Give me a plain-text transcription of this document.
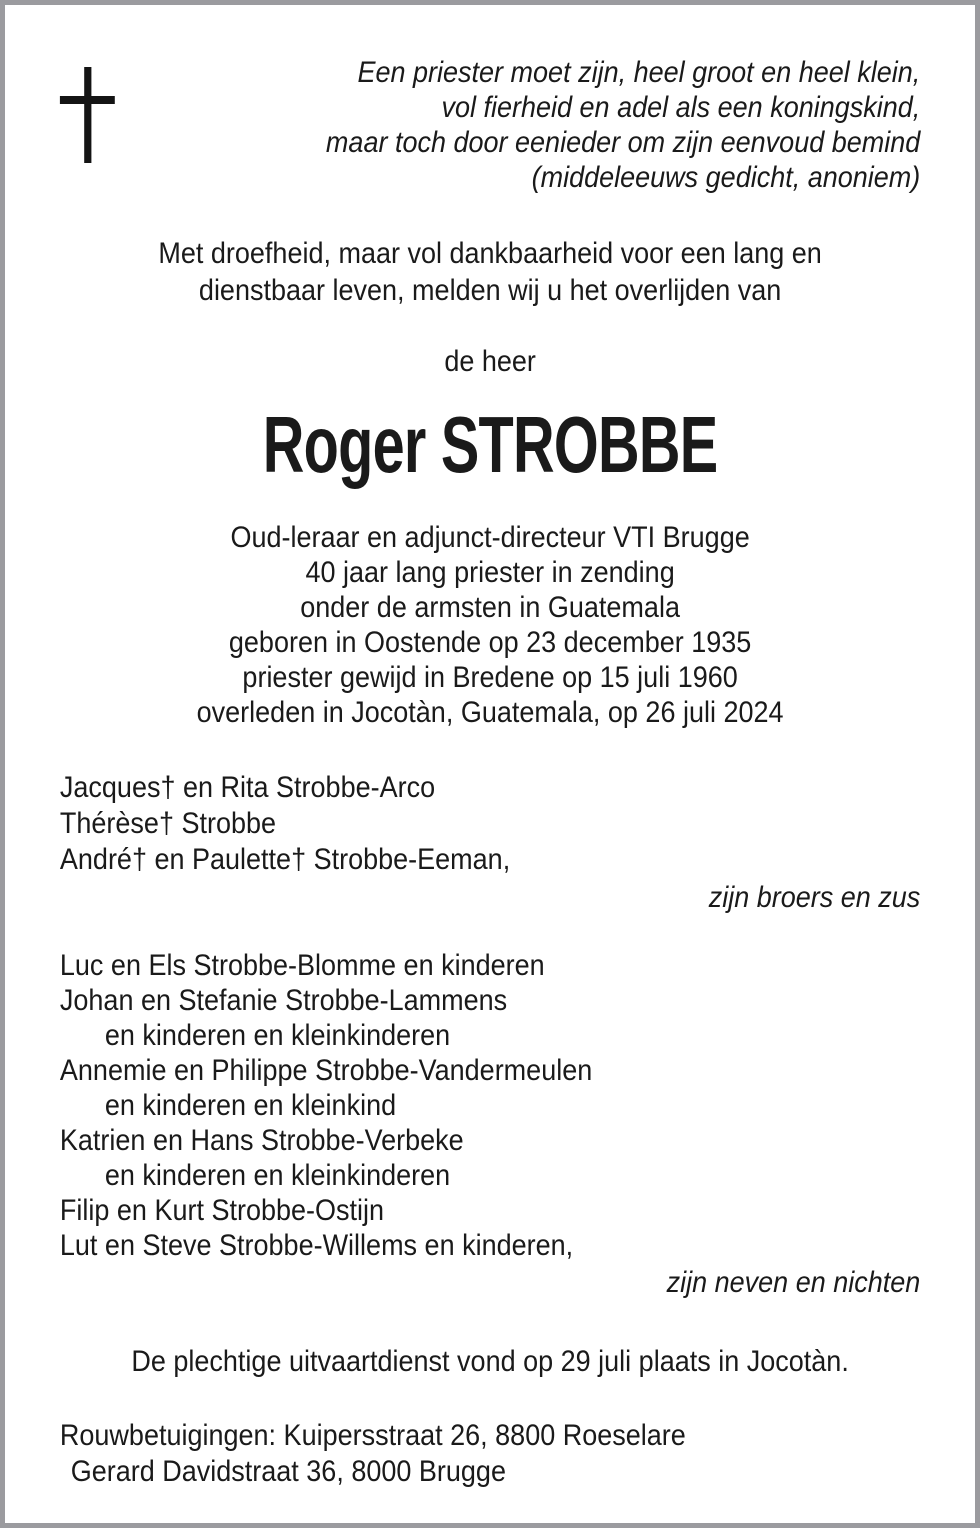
Een priester moet zijn, heel groot en heel klein,
vol fierheid en adel als een koningskind,
maar toch door eenieder om zijn eenvoud bemind
(middeleeuws gedicht, anoniem)
Met droefheid, maar vol dankbaarheid voor een lang en
dienstbaar leven, melden wij u het overlijden van
de heer
Roger STROBBE
Oud-leraar en adjunct-directeur VTI Brugge
40 jaar lang priester in zending
onder de armsten in Guatemala
geboren in Oostende op 23 december 1935
priester gewijd in Bredene op 15 juli 1960
overleden in Jocotàn, Guatemala, op 26 juli 2024
Jacques† en Rita Strobbe-Arco
Thérèse† Strobbe
André† en Paulette† Strobbe-Eeman,
zijn broers en zus
Luc en Els Strobbe-Blomme en kinderen
Johan en Stefanie Strobbe-Lammens
en kinderen en kleinkinderen
Annemie en Philippe Strobbe-Vandermeulen
en kinderen en kleinkind
Katrien en Hans Strobbe-Verbeke
en kinderen en kleinkinderen
Filip en Kurt Strobbe-Ostijn
Lut en Steve Strobbe-Willems en kinderen,
zijn neven en nichten
De plechtige uitvaartdienst vond op 29 juli plaats in Jocotàn.
Rouwbetuigingen: Kuipersstraat 26, 8800 Roeselare
Gerard Davidstraat 36, 8000 Brugge
